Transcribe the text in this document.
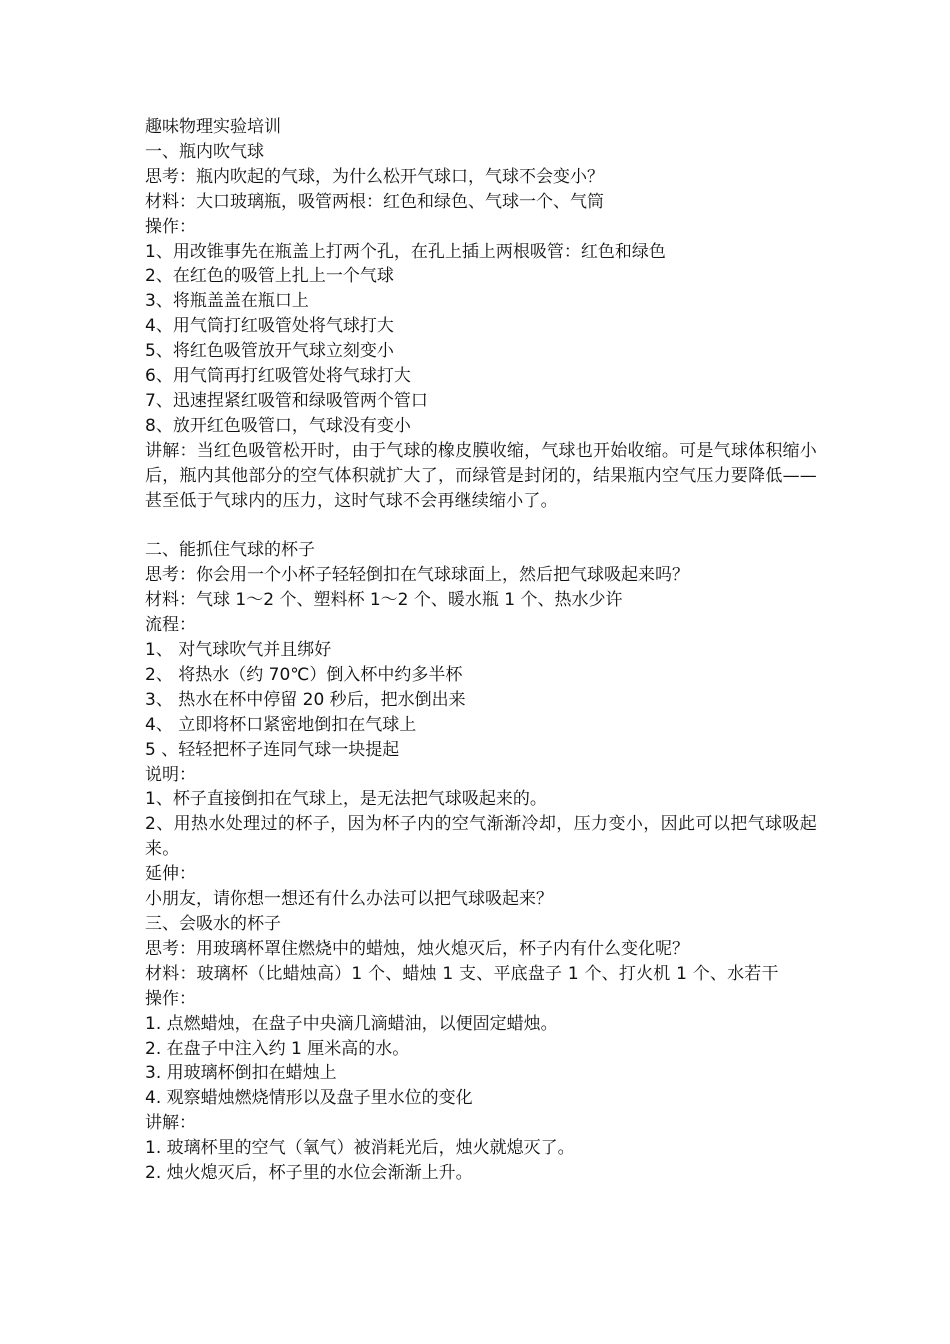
趣味物理实验培训

一、瓶内吹气球

思考：瓶内吹起的气球，为什么松开气球口，气球不会变小？

材料：大口玻璃瓶，吸管两根：红色和绿色、气球一个、气筒

操作：

1、用改锥事先在瓶盖上打两个孔，在孔上插上两根吸管：红色和绿色

2、在红色的吸管上扎上一个气球

3、将瓶盖盖在瓶口上

4、用气筒打红吸管处将气球打大

5、将红色吸管放开气球立刻变小

6、用气筒再打红吸管处将气球打大

7、迅速捏紧红吸管和绿吸管两个管口

8、放开红色吸管口，气球没有变小

讲解：当红色吸管松开时，由于气球的橡皮膜收缩，气球也开始收缩。可是气球体积缩小后，瓶内其他部分的空气体积就扩大了，而绿管是封闭的，结果瓶内空气压力要降低——甚至低于气球内的压力，这时气球不会再继续缩小了。

二、能抓住气球的杯子

思考：你会用一个小杯子轻轻倒扣在气球球面上，然后把气球吸起来吗？

材料：气球 1～2 个、塑料杯 1～2 个、暖水瓶 1 个、热水少许

流程：

1、 对气球吹气并且绑好

2、 将热水（约 70℃）倒入杯中约多半杯

3、 热水在杯中停留 20 秒后，把水倒出来

4、 立即将杯口紧密地倒扣在气球上

5 、轻轻把杯子连同气球一块提起

说明：

1、杯子直接倒扣在气球上，是无法把气球吸起来的。

2、用热水处理过的杯子，因为杯子内的空气渐渐冷却，压力变小，因此可以把气球吸起来。

延伸：

小朋友，请你想一想还有什么办法可以把气球吸起来？

三、会吸水的杯子

思考：用玻璃杯罩住燃烧中的蜡烛，烛火熄灭后，杯子内有什么变化呢？

材料：玻璃杯（比蜡烛高）1 个、蜡烛 1 支、平底盘子 1 个、打火机 1 个、水若干

操作：

1. 点燃蜡烛，在盘子中央滴几滴蜡油，以便固定蜡烛。

2. 在盘子中注入约 1 厘米高的水。

3. 用玻璃杯倒扣在蜡烛上

4. 观察蜡烛燃烧情形以及盘子里水位的变化

讲解：

1. 玻璃杯里的空气（氧气）被消耗光后，烛火就熄灭了。

2. 烛火熄灭后，杯子里的水位会渐渐上升。
